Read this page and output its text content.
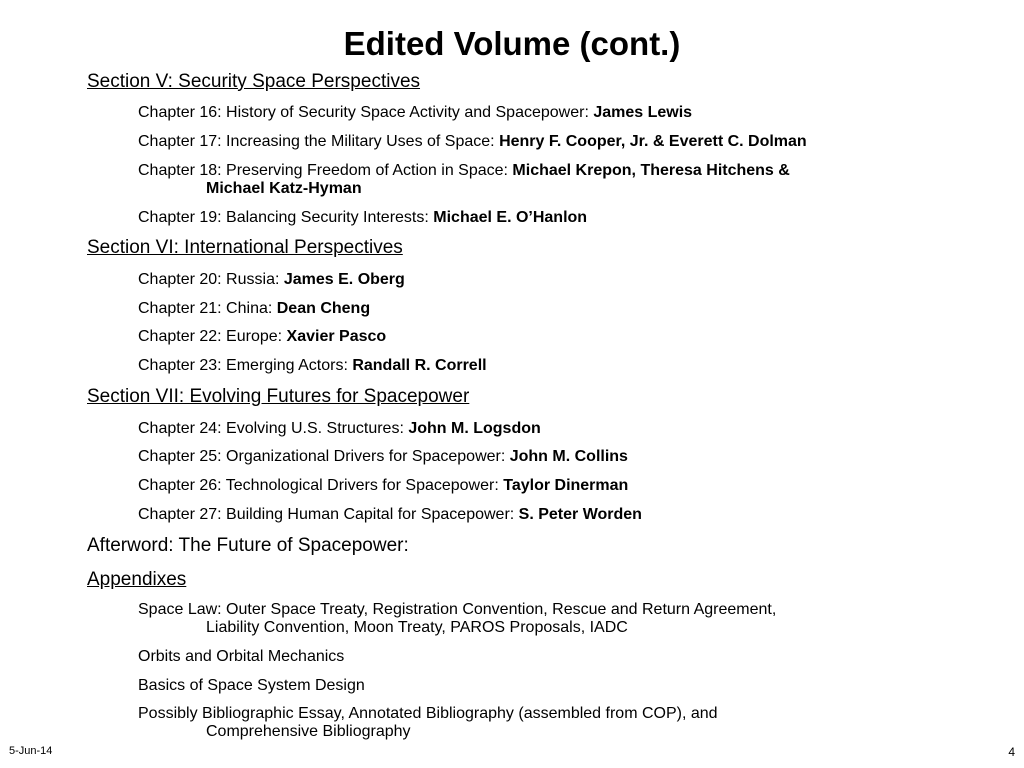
Edited Volume (cont.)
Section V: Security Space Perspectives
Chapter 16: History of Security Space Activity and Spacepower: James Lewis
Chapter 17: Increasing the Military Uses of Space: Henry F. Cooper, Jr. & Everett C. Dolman
Chapter 18: Preserving Freedom of Action in Space: Michael Krepon, Theresa Hitchens &
Michael Katz-Hyman
Chapter 19: Balancing Security Interests: Michael E. O’Hanlon
Section VI: International Perspectives
Chapter 20: Russia: James E. Oberg
Chapter 21: China: Dean Cheng
Chapter 22: Europe: Xavier Pasco
Chapter 23: Emerging Actors: Randall R. Correll
Section VII: Evolving Futures for Spacepower
Chapter 24: Evolving U.S. Structures: John M. Logsdon
Chapter 25: Organizational Drivers for Spacepower: John M. Collins
Chapter 26: Technological Drivers for Spacepower: Taylor Dinerman
Chapter 27: Building Human Capital for Spacepower: S. Peter Worden
Afterword: The Future of Spacepower:
Appendixes
Space Law: Outer Space Treaty, Registration Convention, Rescue and Return Agreement,
Liability Convention, Moon Treaty, PAROS Proposals, IADC
Orbits and Orbital Mechanics
Basics of Space System Design
Possibly Bibliographic Essay, Annotated Bibliography (assembled from COP), and
Comprehensive Bibliography
5-Jun-14	4
